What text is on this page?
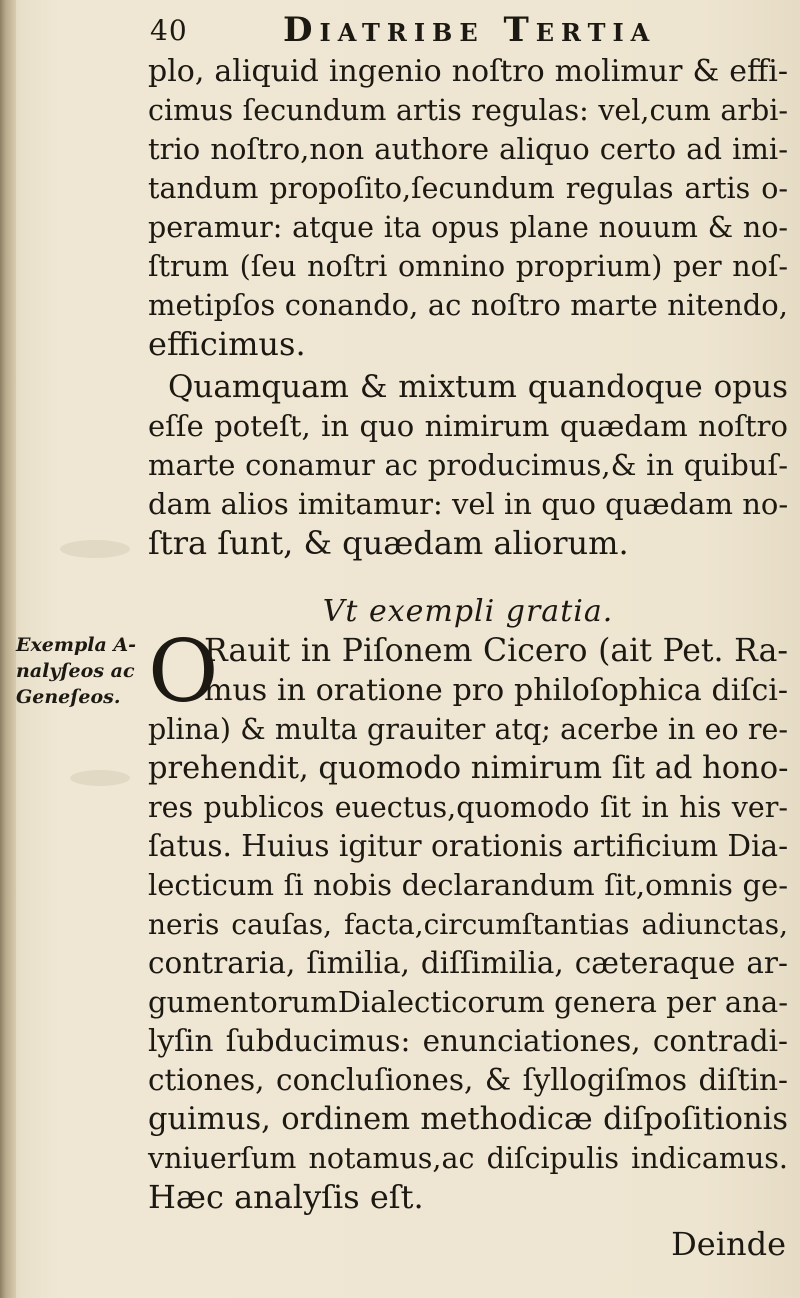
40	Diatribe Tertia
Exempla A-
nalyſeos ac
Geneſeos.
plo, aliquid ingenio noſtro molimur & effi-
cimus ſecundum artis regulas: vel,cum arbi-
trio noſtro,non authore aliquo certo ad imi-
tandum propoſito,ſecundum regulas artis o-
peramur: atque ita opus plane nouum & no-
ſtrum (ſeu noſtri omnino proprium) per noſ-
metipſos conando, ac noſtro marte nitendo,
efficimus.
Quamquam & mixtum quandoque opus
eſſe poteſt, in quo nimirum quædam noſtro
marte conamur ac producimus,& in quibuſ-
dam alios imitamur: vel in quo quædam no-
ſtra ſunt, & quædam aliorum.
Vt exempli gratia.
O
Rauit in Piſonem Cicero (ait Pet. Ra-
mus in oratione pro philoſophica diſci-
plina) & multa grauiter atq; acerbe in eo re-
prehendit, quomodo nimirum ſit ad hono-
res publicos euectus,quomodo ſit in his ver-
ſatus. Huius igitur orationis artificium Dia-
lecticum ſi nobis declarandum ſit,omnis ge-
neris cauſas, facta,circumſtantias adiunctas,
contraria, ſimilia, diſſimilia, cæteraque ar-
gumentorumDialecticorum genera per ana-
lyſin ſubducimus: enunciationes, contradi-
ctiones, concluſiones, & ſyllogiſmos diſtin-
guimus, ordinem methodicæ diſpoſitionis
vniuerſum notamus,ac diſcipulis indicamus.
Hæc analyſis eſt.
Deinde
